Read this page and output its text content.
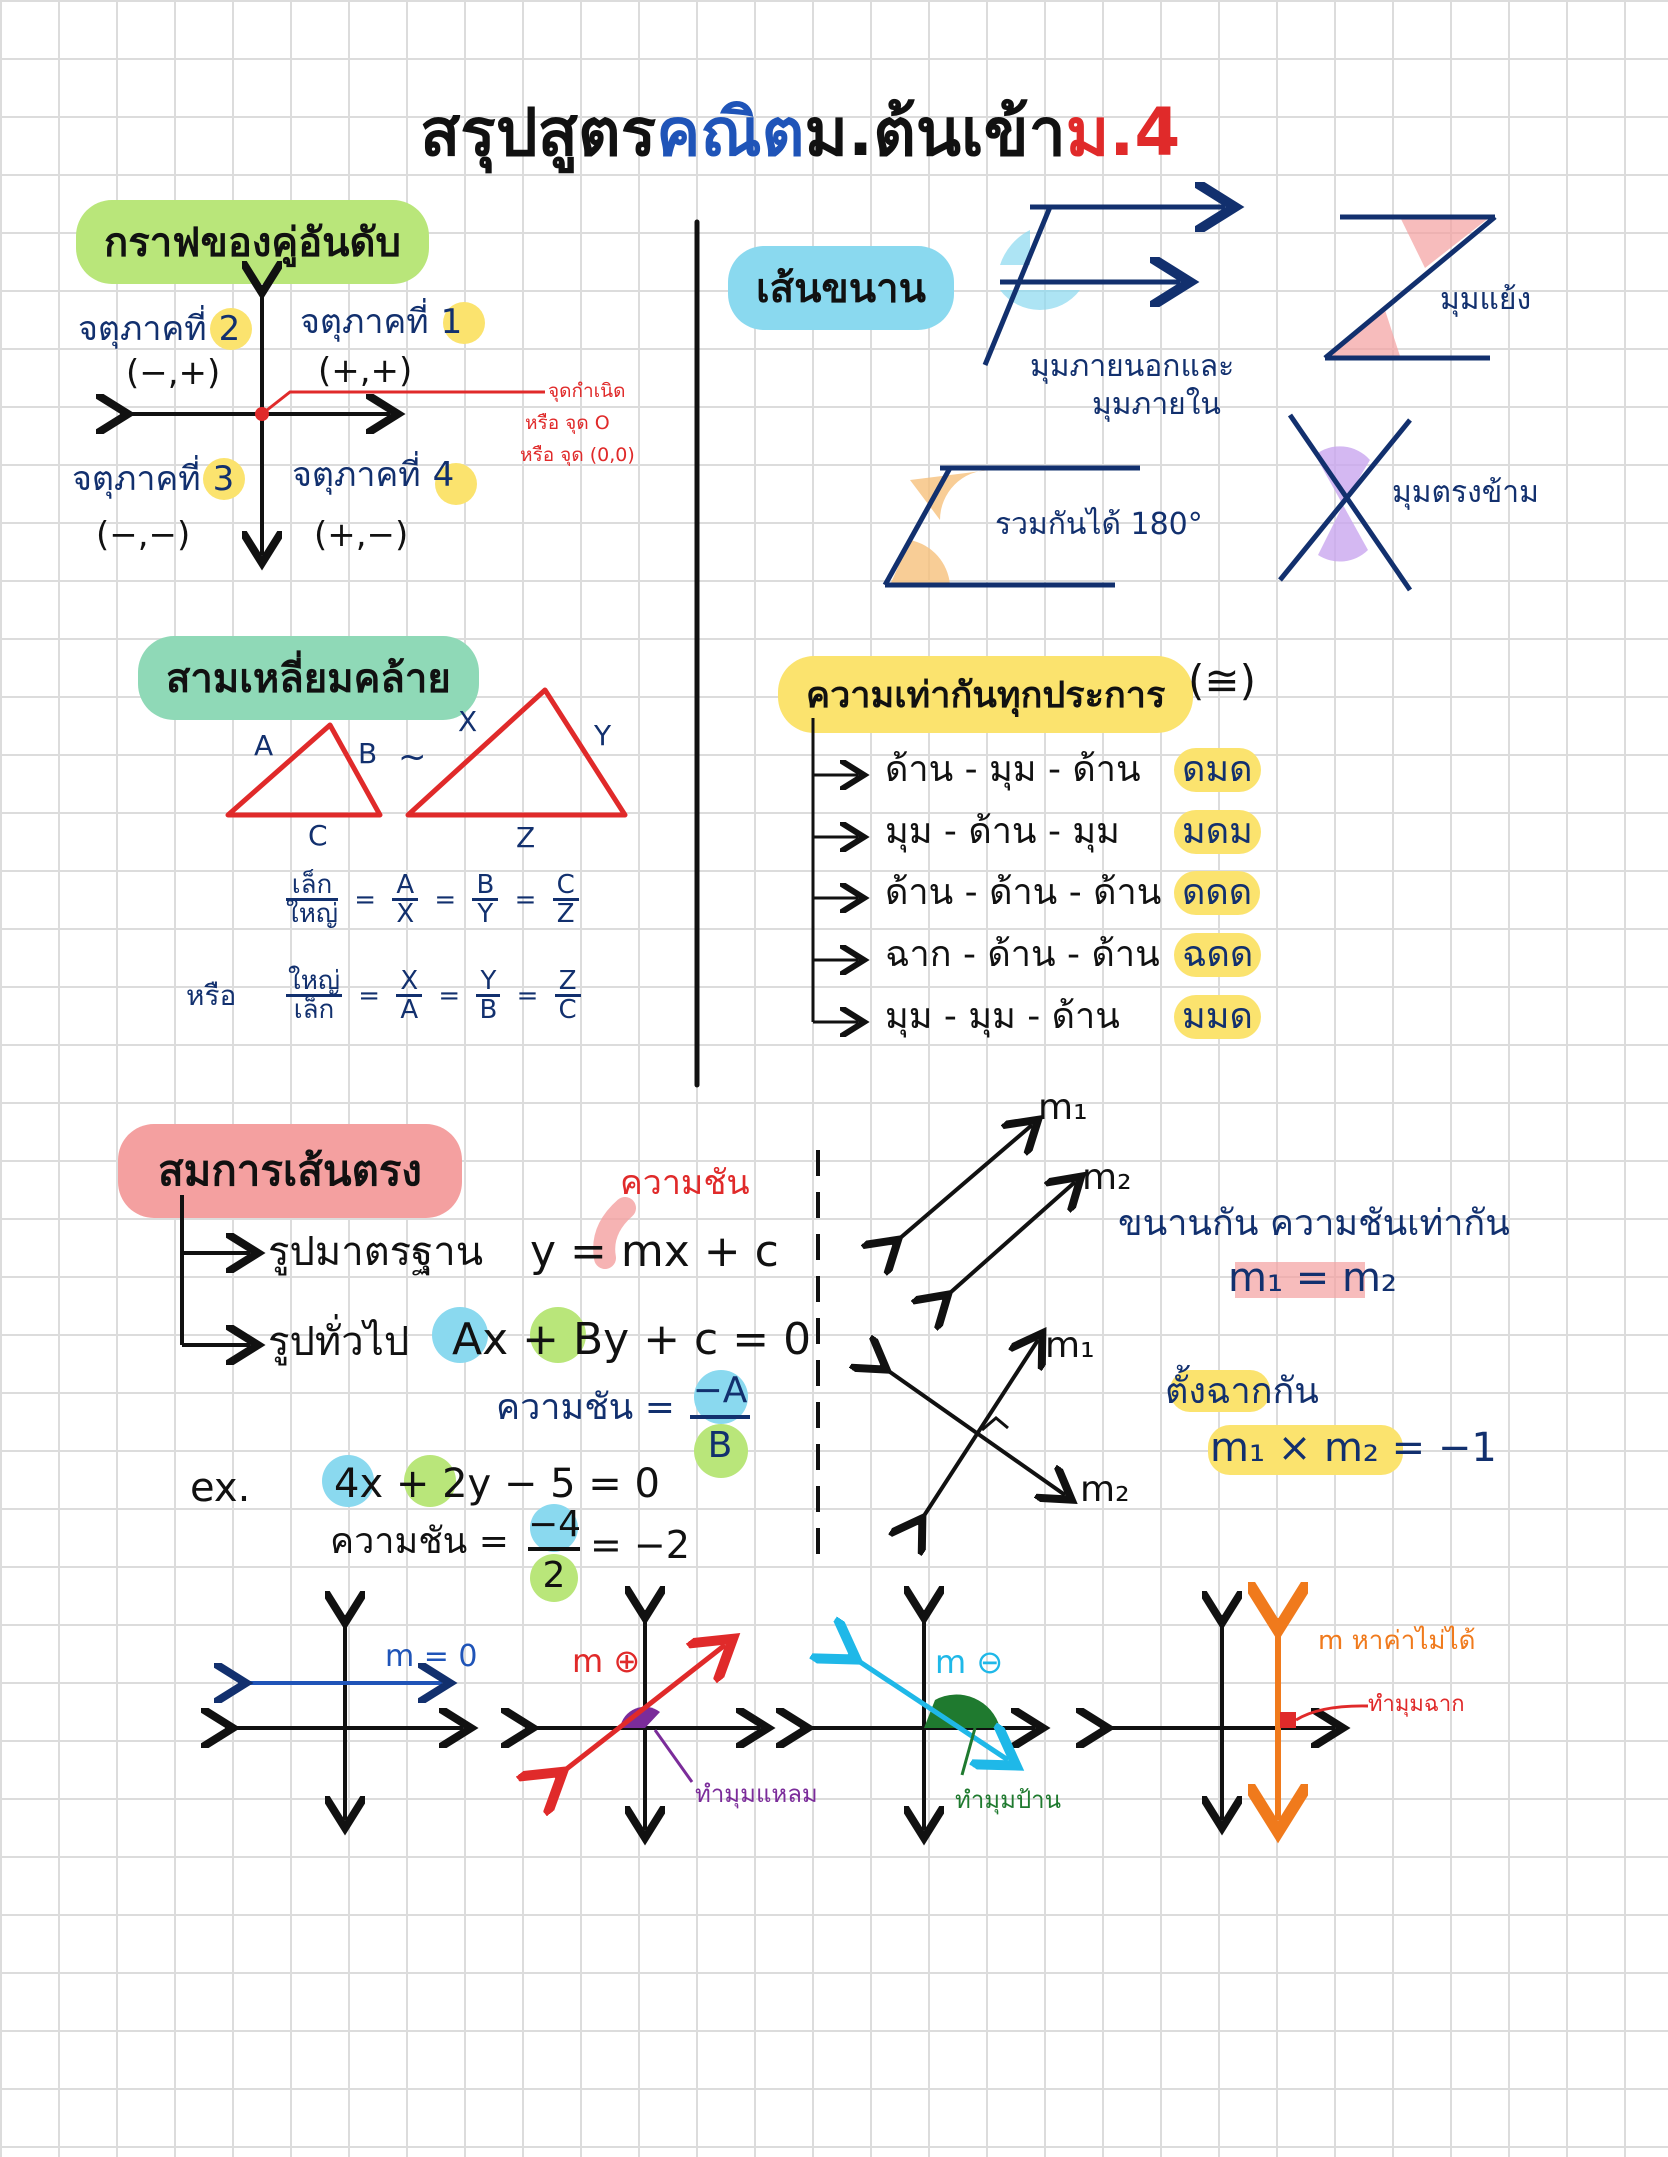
สรุปสูตรคณิตม.ต้นเข้าม.4
กราฟของคู่อันดับ
จตุภาคที่ 2
(−,+)
จตุภาคที่ 1
(+,+)
จตุภาคที่ 3
(−,−)
จตุภาคที่ 4
(+,−)
จุดกำเนิด
หรือ จุด O
หรือ จุด (0,0)
เส้นขนาน
มุมภายนอกและ
มุมภายใน
มุมแย้ง
รวมกันได้ 180°
มุมตรงข้าม
สามเหลี่ยมคล้าย
A	B
C
~
X	Y
Z
เล็ก
ใหญ่ = $\frac{A}{X} = \frac{B}{Y} = \frac{C}{Z}$
หรือ ใหญ่
เล็ก = $\frac{X}{A} = \frac{Y}{B} = \frac{Z}{C}$
ความเท่ากันทุกประการ (≅)
ด้าน - มุม - ด้าน ดมด
มุม - ด้าน - มุม มดม
ด้าน - ด้าน - ด้าน ดดด
ฉาก - ด้าน - ด้าน ฉดด
มุม - มุม - ด้าน มมด
สมการเส้นตรง	ความชัน
รูปมาตรฐาน y = mx + c
รูปทั่วไป Ax + By + c = 0
ความชัน = $\frac{-A}{B}$
ex. 4x + 2y − 5 = 0
ความชัน = $\frac{-4}{2} = -2$
m₁
m₂
ขนานกัน ความชันเท่ากัน
m₁ = m₂
m₁
m₂
ตั้งฉากกัน
m₁ × m₂ = −1
m = 0	m ⊕
ทำมุมแหลม
m ⊖
ทำมุมป้าน
m หาค่าไม่ได้
ทำมุมฉาก
